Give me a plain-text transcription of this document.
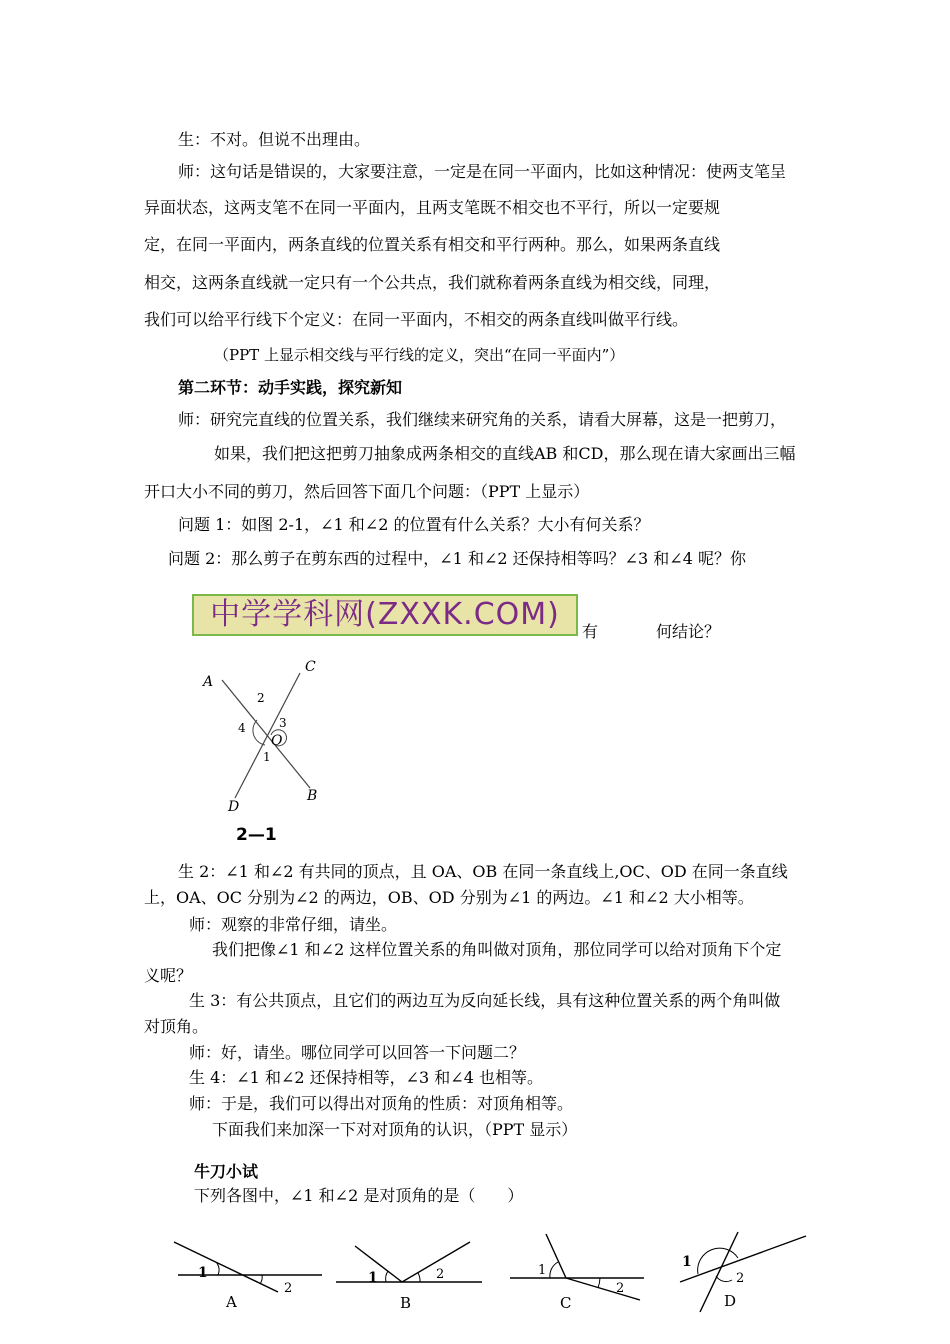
生：不对。但说不出理由。
师：这句话是错误的，大家要注意，一定是在同一平面内，比如这种情况：使两支笔呈
异面状态，这两支笔不在同一平面内，且两支笔既不相交也不平行，所以一定要规
定，在同一平面内，两条直线的位置关系有相交和平行两种。那么，如果两条直线
相交，这两条直线就一定只有一个公共点，我们就称着两条直线为相交线，同理，
我们可以给平行线下个定义：在同一平面内，不相交的两条直线叫做平行线。
（PPT 上显示相交线与平行线的定义，突出“在同一平面内”）
第二环节：动手实践，探究新知
师：研究完直线的位置关系，我们继续来研究角的关系，请看大屏幕，这是一把剪刀，
如果，我们把这把剪刀抽象成两条相交的直线AB 和CD，那么现在请大家画出三幅
开口大小不同的剪刀，然后回答下面几个问题：（PPT 上显示）
问题 1：如图 2-1，∠1 和∠2 的位置有什么关系？大小有何关系？
问题 2：那么剪子在剪东西的过程中，∠1 和∠2 还保持相等吗？∠3 和∠4 呢？你
中学学科网(ZXXK.COM)	有	何结论？
A
C
D
B
O
2
3
4
1
2—1
生 2：∠1 和∠2 有共同的顶点，且 OA、OB 在同一条直线上,OC、OD 在同一条直线
上，OA、OC 分别为∠2 的两边，OB、OD 分别为∠1 的两边。∠1 和∠2 大小相等。
师：观察的非常仔细，请坐。
我们把像∠1 和∠2 这样位置关系的角叫做对顶角，那位同学可以给对顶角下个定
义呢？
生 3：有公共顶点，且它们的两边互为反向延长线，具有这种位置关系的两个角叫做
对顶角。
师：好，请坐。哪位同学可以回答一下问题二？
生 4：∠1 和∠2 还保持相等，∠3 和∠4 也相等。
师：于是，我们可以得出对顶角的性质：对顶角相等。
下面我们来加深一下对对顶角的认识，（PPT 显示）
牛刀小试
下列各图中，∠1 和∠2 是对顶角的是（　　）
1
2
A
1	2
B
1
2
C
1
2
D
